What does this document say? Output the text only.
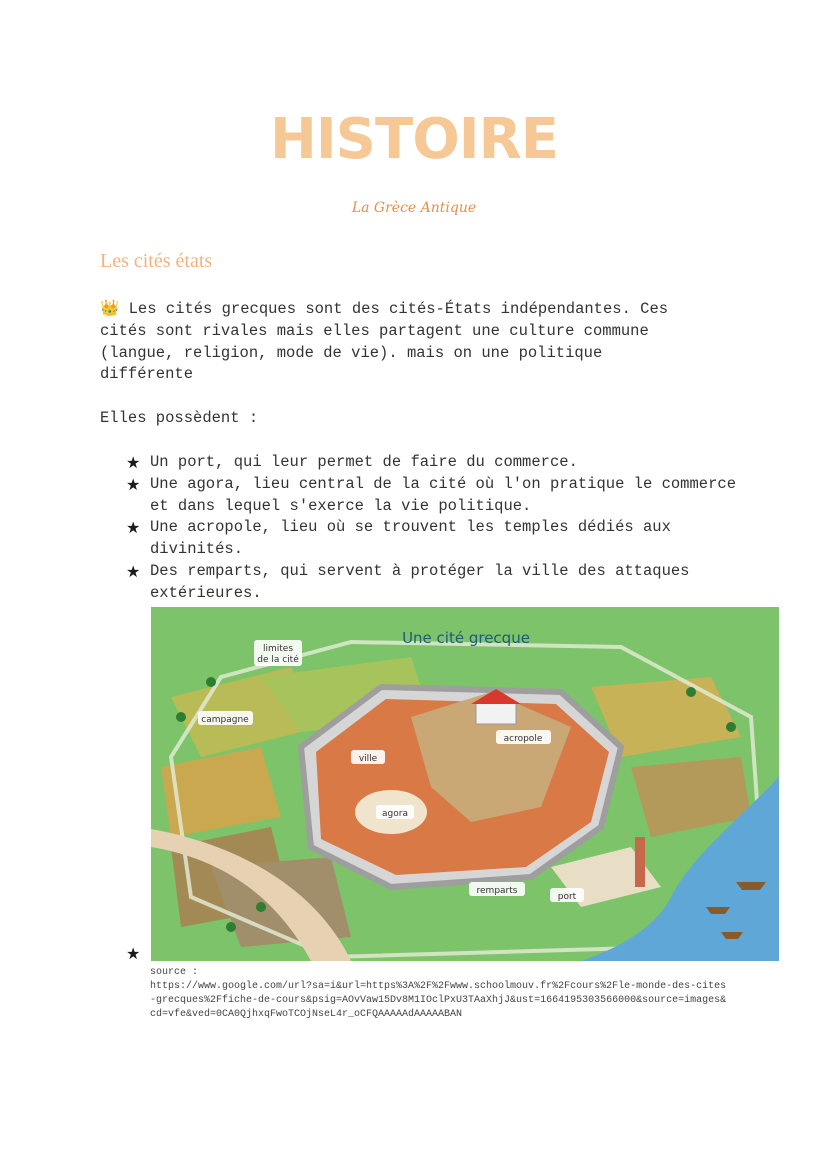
HISTOIRE
La Grèce Antique
Les cités états

👑 Les cités grecques sont des cités-États indépendantes. Ces
cités sont rivales mais elles partagent une culture commune
(langue, religion, mode de vie). mais on une politique
différente

Elles possèdent :
★ Un port, qui leur permet de faire du commerce.
★ Une agora, lieu central de la cité où l'on pratique le commerce et dans lequel s'exerce la vie politique.
★ Une acropole, lieu où se trouvent les temples dédiés aux divinités.
★ Des remparts, qui servent à protéger la ville des attaques extérieures.
Une cité grecque
limites
de la cité
campagne
ville
acropole
agora
remparts
port
★

source :
https://www.google.com/url?sa=i&url=https%3A%2F%2Fwww.schoolmouv.fr%2Fcours%2Fle-monde-des-cites-grecques%2Ffiche-de-cours&psig=AOvVaw15Dv8M1IOclPxU3TAaXhjJ&ust=1664195303566000&source=images&cd=vfe&ved=0CA0QjhxqFwoTCOjNseL4r_oCFQAAAAAdAAAAABAN
